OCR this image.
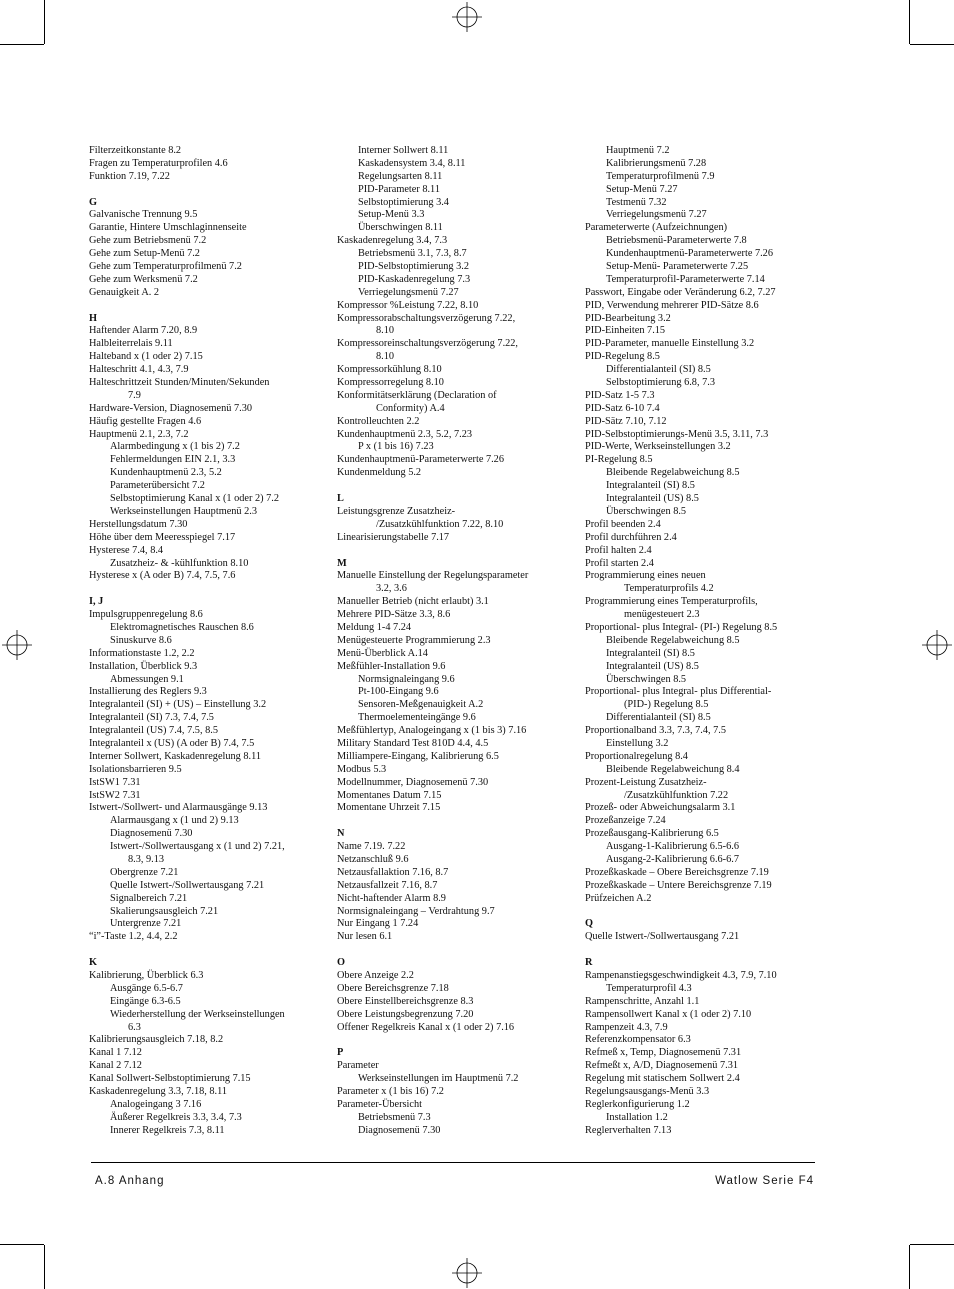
Filterzeitkonstante 8.2
Fragen zu Temperaturprofilen 4.6
Funktion 7.19, 7.22
G
Galvanische Trennung 9.5
Garantie, Hintere Umschlaginnenseite
Gehe zum Betriebsmenü 7.2
Gehe zum Setup-Menü 7.2
Gehe zum Temperaturprofilmenü 7.2
Gehe zum Werksmenü 7.2
Genauigkeit A. 2
H
Haftender Alarm 7.20, 8.9
Halbleiterrelais 9.11
Halteband x (1 oder 2) 7.15
Halteschritt 4.1, 4.3, 7.9
Halteschrittzeit Stunden/Minuten/Sekunden
7.9
Hardware-Version, Diagnosemenü 7.30
Häufig gestellte Fragen 4.6
Hauptmenü 2.1, 2.3, 7.2
Alarmbedingung x (1 bis 2) 7.2
Fehlermeldungen EIN 2.1, 3.3
Kundenhauptmenü 2.3, 5.2
Parameterübersicht 7.2
Selbstoptimierung Kanal x (1 oder 2) 7.2
Werkseinstellungen Hauptmenü 2.3
Herstellungsdatum 7.30
Höhe über dem Meeresspiegel 7.17
Hysterese 7.4, 8.4
Zusatzheiz- & -kühlfunktion 8.10
Hysterese x (A oder B) 7.4, 7.5, 7.6
I, J
Impulsgruppenregelung 8.6
Elektromagnetisches Rauschen 8.6
Sinuskurve 8.6
Informationstaste 1.2, 2.2
Installation, Überblick 9.3
Abmessungen 9.1
Installierung des Reglers 9.3
Integralanteil (SI) + (US) – Einstellung 3.2
Integralanteil (SI) 7.3, 7.4, 7.5
Integralanteil (US) 7.4, 7.5, 8.5
Integralanteil x (US) (A oder B) 7.4, 7.5
Interner Sollwert, Kaskadenregelung 8.11
Isolationsbarrieren 9.5
IstSW1 7.31
IstSW2 7.31
Istwert-/Sollwert- und Alarmausgänge 9.13
Alarmausgang x (1 und 2) 9.13
Diagnosemenü 7.30
Istwert-/Sollwertausgang x (1 und 2) 7.21,
8.3, 9.13
Obergrenze 7.21
Quelle Istwert-/Sollwertausgang 7.21
Signalbereich 7.21
Skalierungsausgleich 7.21
Untergrenze 7.21
“i”-Taste 1.2, 4.4, 2.2
K
Kalibrierung, Überblick 6.3
Ausgänge 6.5-6.7
Eingänge 6.3-6.5
Wiederherstellung der Werkseinstellungen
6.3
Kalibrierungsausgleich 7.18, 8.2
Kanal 1 7.12
Kanal 2 7.12
Kanal Sollwert-Selbstoptimierung 7.15
Kaskadenregelung 3.3, 7.18, 8.11
Analogeingang 3 7.16
Äußerer Regelkreis 3.3, 3.4, 7.3
Innerer Regelkreis 7.3, 8.11
Interner Sollwert 8.11
Kaskadensystem 3.4, 8.11
Regelungsarten 8.11
PID-Parameter 8.11
Selbstoptimierung 3.4
Setup-Menü 3.3
Überschwingen 8.11
Kaskadenregelung 3.4, 7.3
Betriebsmenü 3.1, 7.3, 8.7
PID-Selbstoptimierung 3.2
PID-Kaskadenregelung 7.3
Verriegelungsmenü 7.27
Kompressor %Leistung 7.22, 8.10
Kompressorabschaltungsverzögerung 7.22,
8.10
Kompressoreinschaltungsverzögerung 7.22,
8.10
Kompressorkühlung 8.10
Kompressorregelung 8.10
Konformitätserklärung (Declaration of
Conformity) A.4
Kontrolleuchten 2.2
Kundenhauptmenü 2.3, 5.2, 7.23
P x (1 bis 16) 7.23
Kundenhauptmenü-Parameterwerte 7.26
Kundenmeldung 5.2
L
Leistungsgrenze Zusatzheiz-
/Zusatzkühlfunktion 7.22, 8.10
Linearisierungstabelle 7.17
M
Manuelle Einstellung der Regelungsparameter
3.2, 3.6
Manueller Betrieb (nicht erlaubt) 3.1
Mehrere PID-Sätze 3.3, 8.6
Meldung 1-4 7.24
Menügesteuerte Programmierung 2.3
Menü-Überblick A.14
Meßfühler-Installation 9.6
Normsignaleingang 9.6
Pt-100-Eingang 9.6
Sensoren-Meßgenauigkeit A.2
Thermoelementeingänge 9.6
Meßfühlertyp, Analogeingang x (1 bis 3) 7.16
Military Standard Test 810D 4.4, 4.5
Milliampere-Eingang, Kalibrierung 6.5
Modbus 5.3
Modellnummer, Diagnosemenü 7.30
Momentanes Datum 7.15
Momentane Uhrzeit 7.15
N
Name 7.19. 7.22
Netzanschluß 9.6
Netzausfallaktion 7.16, 8.7
Netzausfallzeit 7.16, 8.7
Nicht-haftender Alarm 8.9
Normsignaleingang – Verdrahtung 9.7
Nur Eingang 1 7.24
Nur lesen 6.1
O
Obere Anzeige 2.2
Obere Bereichsgrenze 7.18
Obere Einstellbereichsgrenze 8.3
Obere Leistungsbegrenzung 7.20
Offener Regelkreis Kanal x (1 oder 2) 7.16
P
Parameter
Werkseinstellungen im Hauptmenü 7.2
Parameter x (1 bis 16) 7.2
Parameter-Übersicht
Betriebsmenü 7.3
Diagnosemenü 7.30
Hauptmenü 7.2
Kalibrierungsmenü 7.28
Temperaturprofilmenü 7.9
Setup-Menü 7.27
Testmenü 7.32
Verriegelungsmenü 7.27
Parameterwerte (Aufzeichnungen)
Betriebsmenü-Parameterwerte 7.8
Kundenhauptmenü-Parameterwerte 7.26
Setup-Menü- Parameterwerte 7.25
Temperaturprofil-Parameterwerte 7.14
Passwort, Eingabe oder Veränderung 6.2, 7.27
PID, Verwendung mehrerer PID-Sätze 8.6
PID-Bearbeitung 3.2
PID-Einheiten 7.15
PID-Parameter, manuelle Einstellung 3.2
PID-Regelung 8.5
Differentialanteil (SI) 8.5
Selbstoptimierung 6.8, 7.3
PID-Satz 1-5 7.3
PID-Satz 6-10 7.4
PID-Sätz 7.10, 7.12
PID-Selbstoptimierungs-Menü 3.5, 3.11, 7.3
PID-Werte, Werkseinstellungen 3.2
PI-Regelung 8.5
Bleibende Regelabweichung 8.5
Integralanteil (SI) 8.5
Integralanteil (US) 8.5
Überschwingen 8.5
Profil beenden 2.4
Profil durchführen 2.4
Profil halten 2.4
Profil starten 2.4
Programmierung eines neuen
Temperaturprofils 4.2
Programmierung eines Temperaturprofils,
menügesteuert 2.3
Proportional- plus Integral- (PI-) Regelung 8.5
Bleibende Regelabweichung 8.5
Integralanteil (SI) 8.5
Integralanteil (US) 8.5
Überschwingen 8.5
Proportional- plus Integral- plus Differential-
(PID-) Regelung 8.5
Differentialanteil (SI) 8.5
Proportionalband 3.3, 7.3, 7.4, 7.5
Einstellung 3.2
Proportionalregelung 8.4
Bleibende Regelabweichung 8.4
Prozent-Leistung Zusatzheiz-
/Zusatzkühlfunktion 7.22
Prozeß- oder Abweichungsalarm 3.1
Prozeßanzeige 7.24
Prozeßausgang-Kalibrierung 6.5
Ausgang-1-Kalibrierung 6.5-6.6
Ausgang-2-Kalibrierung 6.6-6.7
Prozeßkaskade – Obere Bereichsgrenze 7.19
Prozeßkaskade – Untere Bereichsgrenze 7.19
Prüfzeichen A.2
Q
Quelle Istwert-/Sollwertausgang 7.21
R
Rampenanstiegsgeschwindigkeit 4.3, 7.9, 7.10
Temperaturprofil 4.3
Rampenschritte, Anzahl 1.1
Rampensollwert Kanal x (1 oder 2) 7.10
Rampenzeit 4.3, 7.9
Referenzkompensator 6.3
Refmeß x, Temp, Diagnosemenü 7.31
Refmeßt x, A/D, Diagnosemenü 7.31
Regelung mit statischem Sollwert 2.4
Regelungsausgangs-Menü 3.3
Reglerkonfigurierung 1.2
Installation 1.2
Reglerverhalten 7.13
A.8 Anhang	Watlow Serie F4
